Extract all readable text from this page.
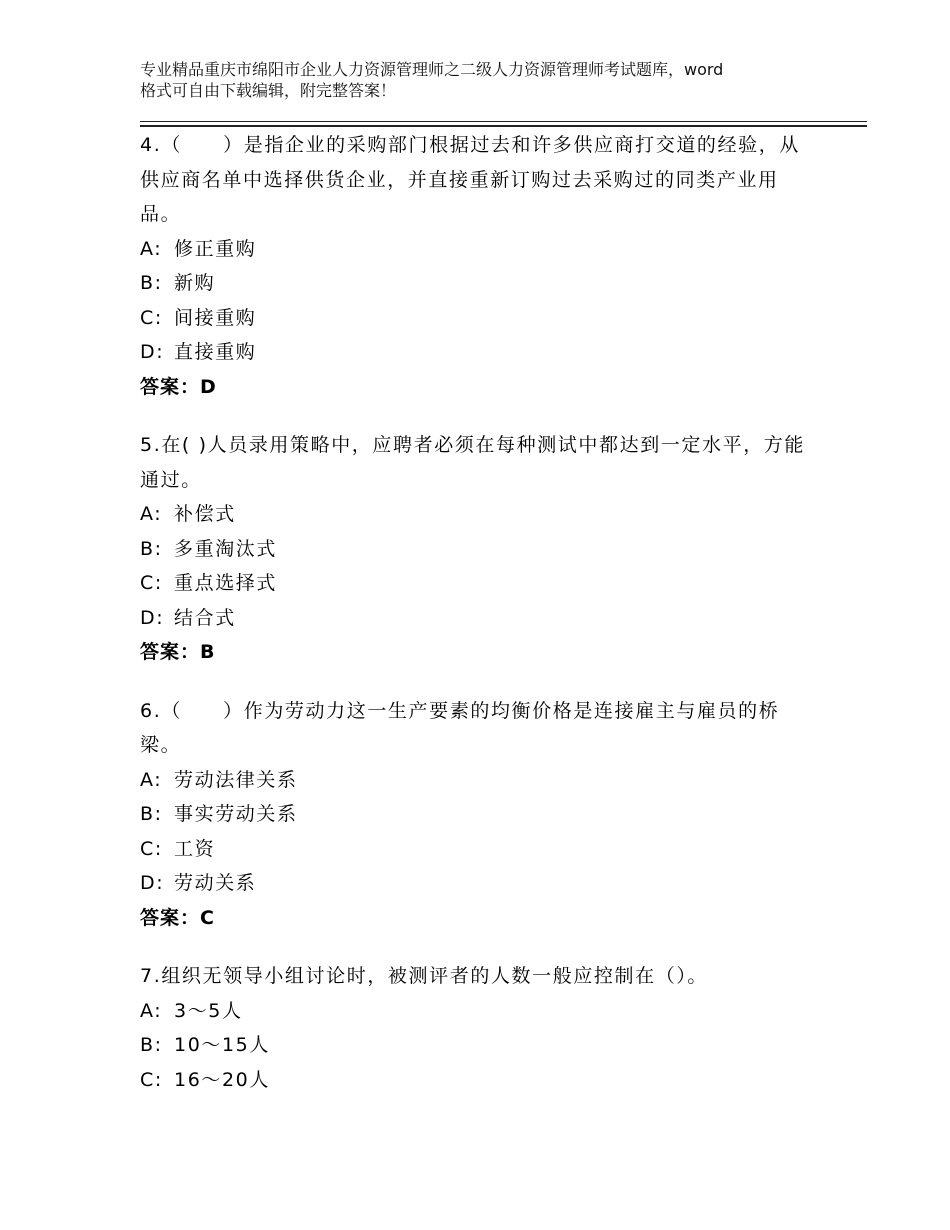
专业精品重庆市绵阳市企业人力资源管理师之二级人力资源管理师考试题库，word
格式可自由下载编辑，附完整答案！

4.（　　）是指企业的采购部门根据过去和许多供应商打交道的经验，从供应商名单中选择供货企业，并直接重新订购过去采购过的同类产业用品。

A: 修正重购
B: 新购
C: 间接重购
D: 直接重购
答案：D

5.在( )人员录用策略中，应聘者必须在每种测试中都达到一定水平，方能通过。

A: 补偿式
B: 多重淘汰式
C: 重点选择式
D: 结合式
答案：B

6.（　　）作为劳动力这一生产要素的均衡价格是连接雇主与雇员的桥梁。

A: 劳动法律关系
B: 事实劳动关系
C: 工资
D: 劳动关系
答案：C

7.组织无领导小组讨论时，被测评者的人数一般应控制在（）。

A: 3～5人
B: 10～15人
C: 16～20人
